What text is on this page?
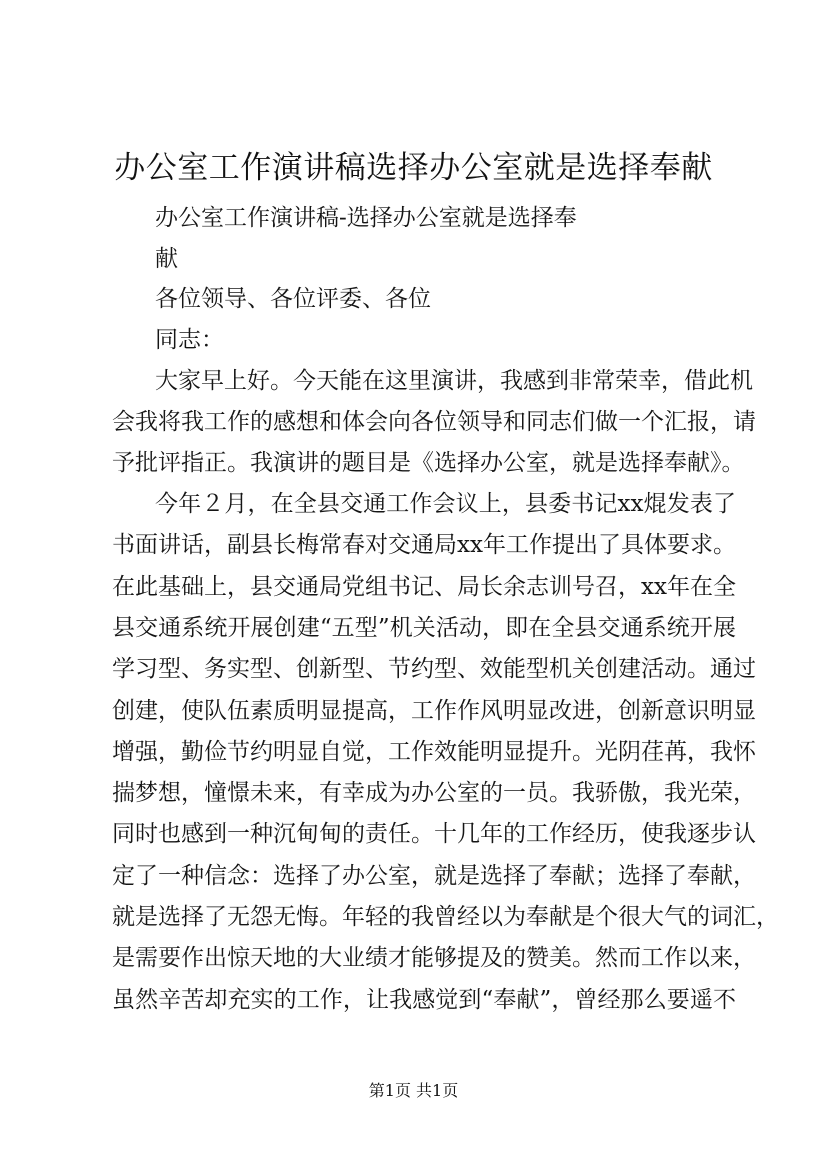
办公室工作演讲稿选择办公室就是选择奉献
办公室工作演讲稿-选择办公室就是选择奉
献
各位领导、各位评委、各位
同志：
大家早上好。今天能在这里演讲，我感到非常荣幸，借此机
会我将我工作的感想和体会向各位领导和同志们做一个汇报，请
予批评指正。我演讲的题目是《选择办公室，就是选择奉献》。
今年２月，在全县交通工作会议上，县委书记xx焜发表了
书面讲话，副县长梅常春对交通局xx年工作提出了具体要求。
在此基础上，县交通局党组书记、局长余志训号召，xx年在全
县交通系统开展创建“五型”机关活动，即在全县交通系统开展
学习型、务实型、创新型、节约型、效能型机关创建活动。通过
创建，使队伍素质明显提高，工作作风明显改进，创新意识明显
增强，勤俭节约明显自觉，工作效能明显提升。光阴荏苒，我怀
揣梦想，憧憬未来，有幸成为办公室的一员。我骄傲，我光荣，
同时也感到一种沉甸甸的责任。十几年的工作经历，使我逐步认
定了一种信念：选择了办公室，就是选择了奉献；选择了奉献，
就是选择了无怨无悔。年轻的我曾经以为奉献是个很大气的词汇，
是需要作出惊天地的大业绩才能够提及的赞美。然而工作以来，
虽然辛苦却充实的工作，让我感觉到“奉献”，曾经那么要遥不
第1页 共1页
